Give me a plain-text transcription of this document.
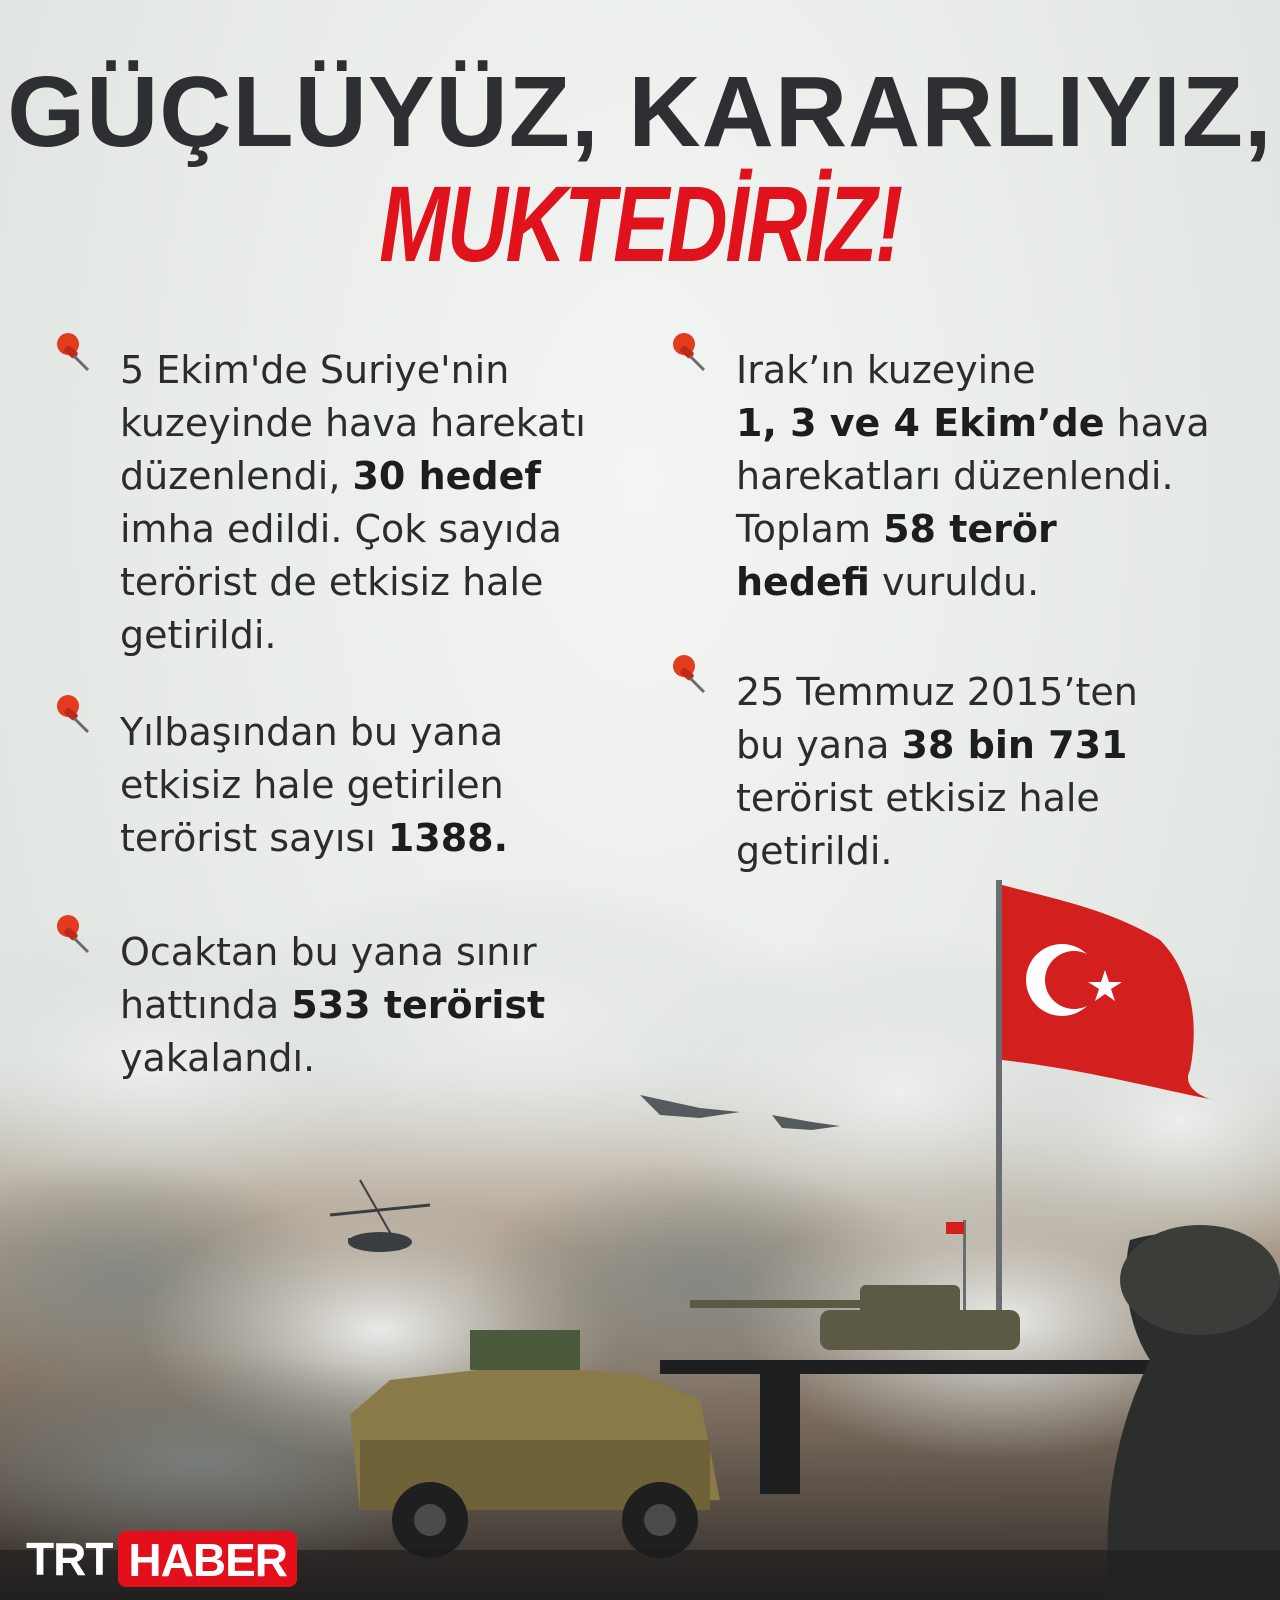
GÜÇLÜYÜZ, KARARLIYIZ,
MUKTEDİRİZ!
5 Ekim'de Suriye'nin
kuzeyinde hava harekatı
düzenlendi, 30 hedef
imha edildi. Çok sayıda
terörist de etkisiz hale
getirildi.
Yılbaşından bu yana
etkisiz hale getirilen
terörist sayısı 1388.
Ocaktan bu yana sınır
hattında 533 terörist
yakalandı.
Irak’ın kuzeyine
1, 3 ve 4 Ekim’de hava
harekatları düzenlendi.
Toplam 58 terör
hedefi vuruldu.
25 Temmuz 2015’ten
bu yana 38 bin 731
terörist etkisiz hale
getirildi.
TRT HABER
